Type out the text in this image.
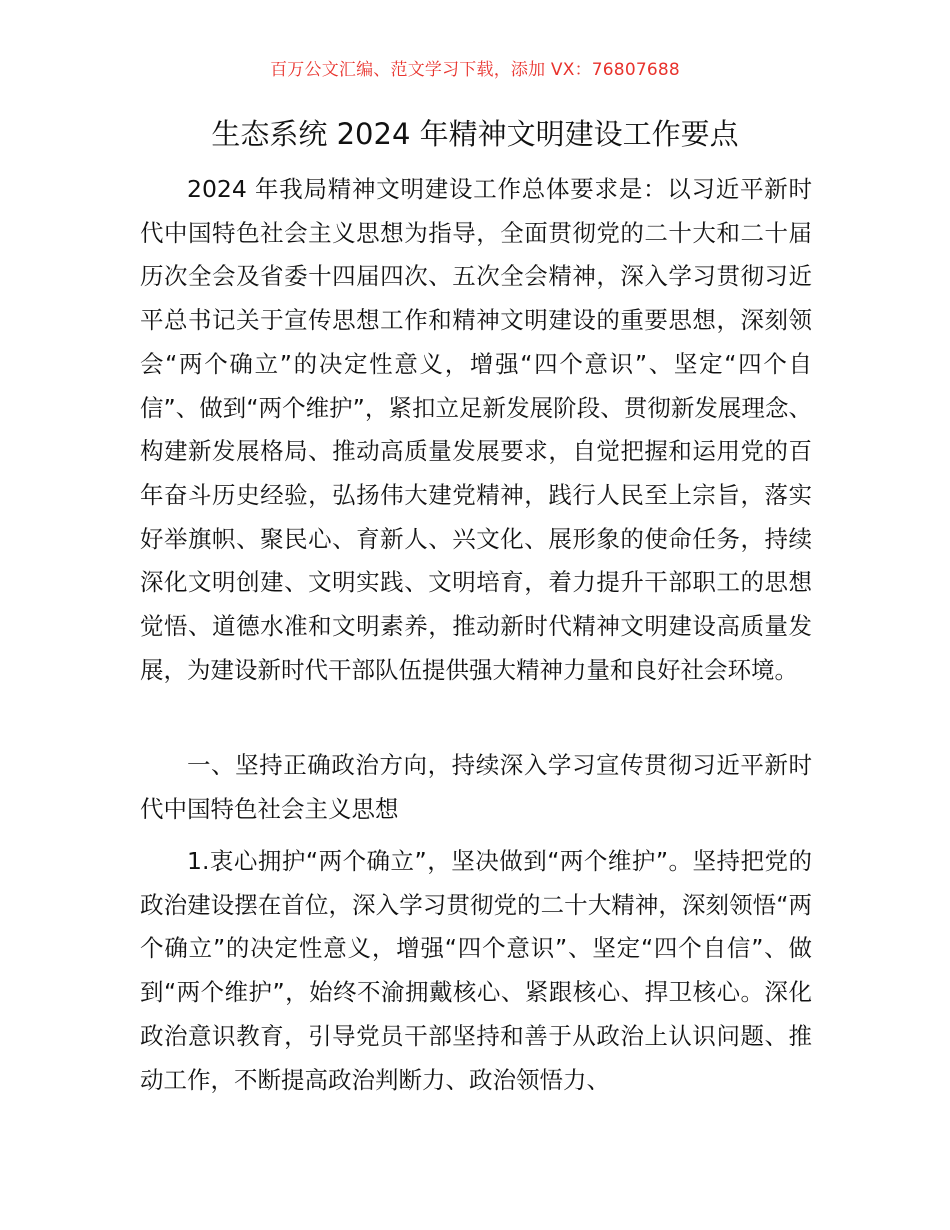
百万公文汇编、范文学习下载，添加 VX：76807688
生态系统 2024 年精神文明建设工作要点

2024 年我局精神文明建设工作总体要求是：以习近平新时代中国特色社会主义思想为指导，全面贯彻党的二十大和二十届历次全会及省委十四届四次、五次全会精神，深入学习贯彻习近平总书记关于宣传思想工作和精神文明建设的重要思想，深刻领会“两个确立”的决定性意义，增强“四个意识”、坚定“四个自信”、做到“两个维护”，紧扣立足新发展阶段、贯彻新发展理念、构建新发展格局、推动高质量发展要求，自觉把握和运用党的百年奋斗历史经验，弘扬伟大建党精神，践行人民至上宗旨，落实好举旗帜、聚民心、育新人、兴文化、展形象的使命任务，持续深化文明创建、文明实践、文明培育，着力提升干部职工的思想觉悟、道德水准和文明素养，推动新时代精神文明建设高质量发展，为建设新时代干部队伍提供强大精神力量和良好社会环境。

一、坚持正确政治方向，持续深入学习宣传贯彻习近平新时代中国特色社会主义思想

1.衷心拥护“两个确立”，坚决做到“两个维护”。坚持把党的政治建设摆在首位，深入学习贯彻党的二十大精神，深刻领悟“两个确立”的决定性意义，增强“四个意识”、坚定“四个自信”、做到“两个维护”，始终不渝拥戴核心、紧跟核心、捍卫核心。深化政治意识教育，引导党员干部坚持和善于从政治上认识问题、推动工作，不断提高政治判断力、政治领悟力、
